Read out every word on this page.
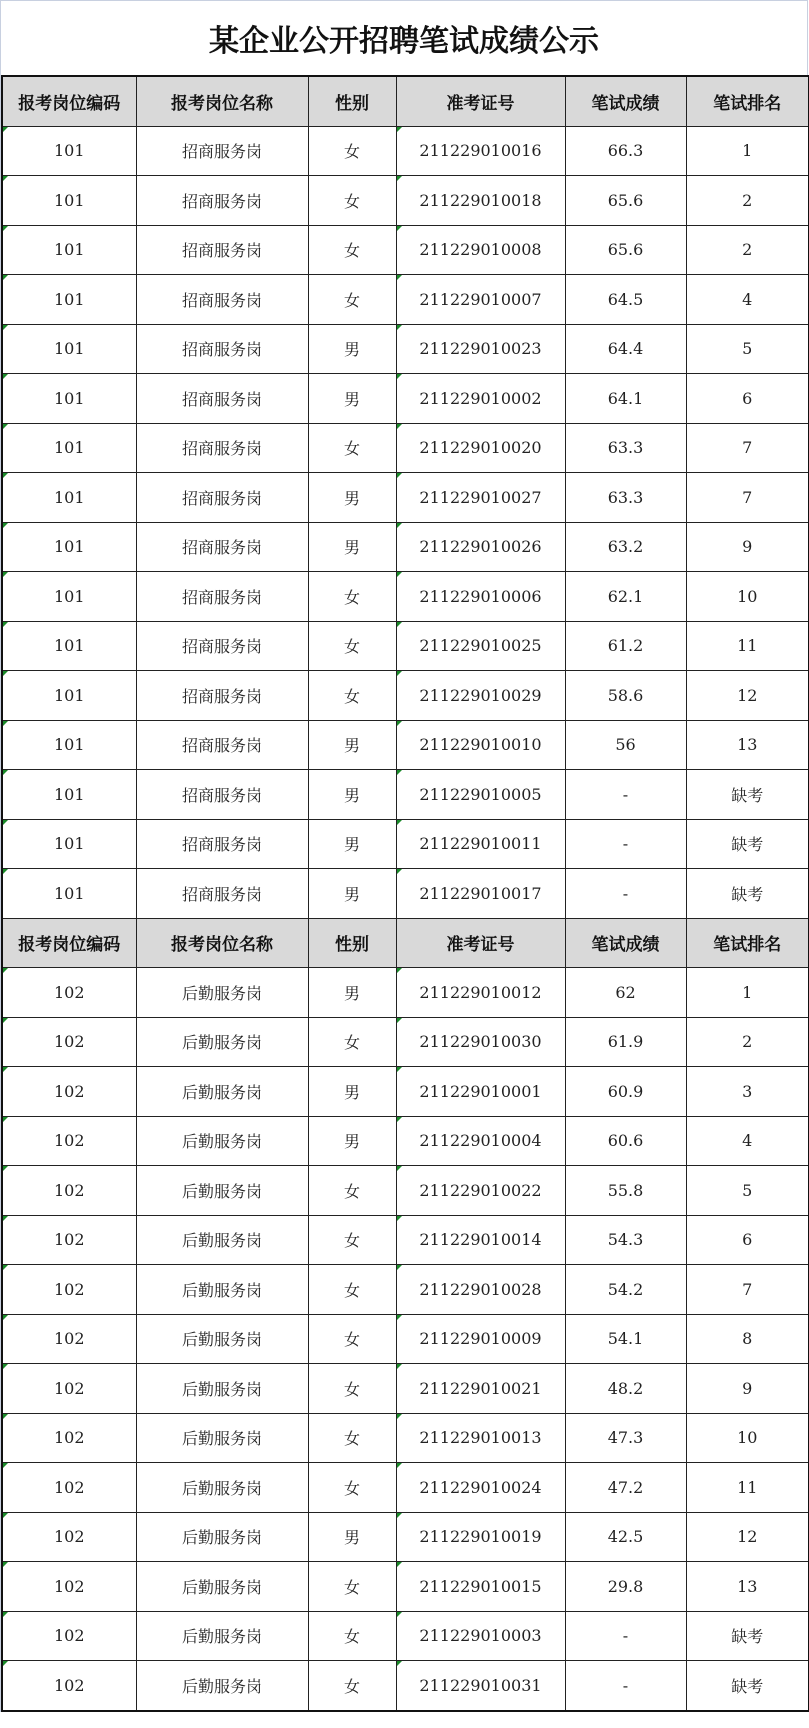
某企业公开招聘笔试成绩公示
报考岗位编码	报考岗位名称	性别	准考证号	笔试成绩	笔试排名
101	招商服务岗	女	211229010016	66.3	1
101	招商服务岗	女	211229010018	65.6	2
101	招商服务岗	女	211229010008	65.6	2
101	招商服务岗	女	211229010007	64.5	4
101	招商服务岗	男	211229010023	64.4	5
101	招商服务岗	男	211229010002	64.1	6
101	招商服务岗	女	211229010020	63.3	7
101	招商服务岗	男	211229010027	63.3	7
101	招商服务岗	男	211229010026	63.2	9
101	招商服务岗	女	211229010006	62.1	10
101	招商服务岗	女	211229010025	61.2	11
101	招商服务岗	女	211229010029	58.6	12
101	招商服务岗	男	211229010010	56	13
101	招商服务岗	男	211229010005	-	缺考
101	招商服务岗	男	211229010011	-	缺考
101	招商服务岗	男	211229010017	-	缺考
报考岗位编码	报考岗位名称	性别	准考证号	笔试成绩	笔试排名
102	后勤服务岗	男	211229010012	62	1
102	后勤服务岗	女	211229010030	61.9	2
102	后勤服务岗	男	211229010001	60.9	3
102	后勤服务岗	男	211229010004	60.6	4
102	后勤服务岗	女	211229010022	55.8	5
102	后勤服务岗	女	211229010014	54.3	6
102	后勤服务岗	女	211229010028	54.2	7
102	后勤服务岗	女	211229010009	54.1	8
102	后勤服务岗	女	211229010021	48.2	9
102	后勤服务岗	女	211229010013	47.3	10
102	后勤服务岗	女	211229010024	47.2	11
102	后勤服务岗	男	211229010019	42.5	12
102	后勤服务岗	女	211229010015	29.8	13
102	后勤服务岗	女	211229010003	-	缺考
102	后勤服务岗	女	211229010031	-	缺考
